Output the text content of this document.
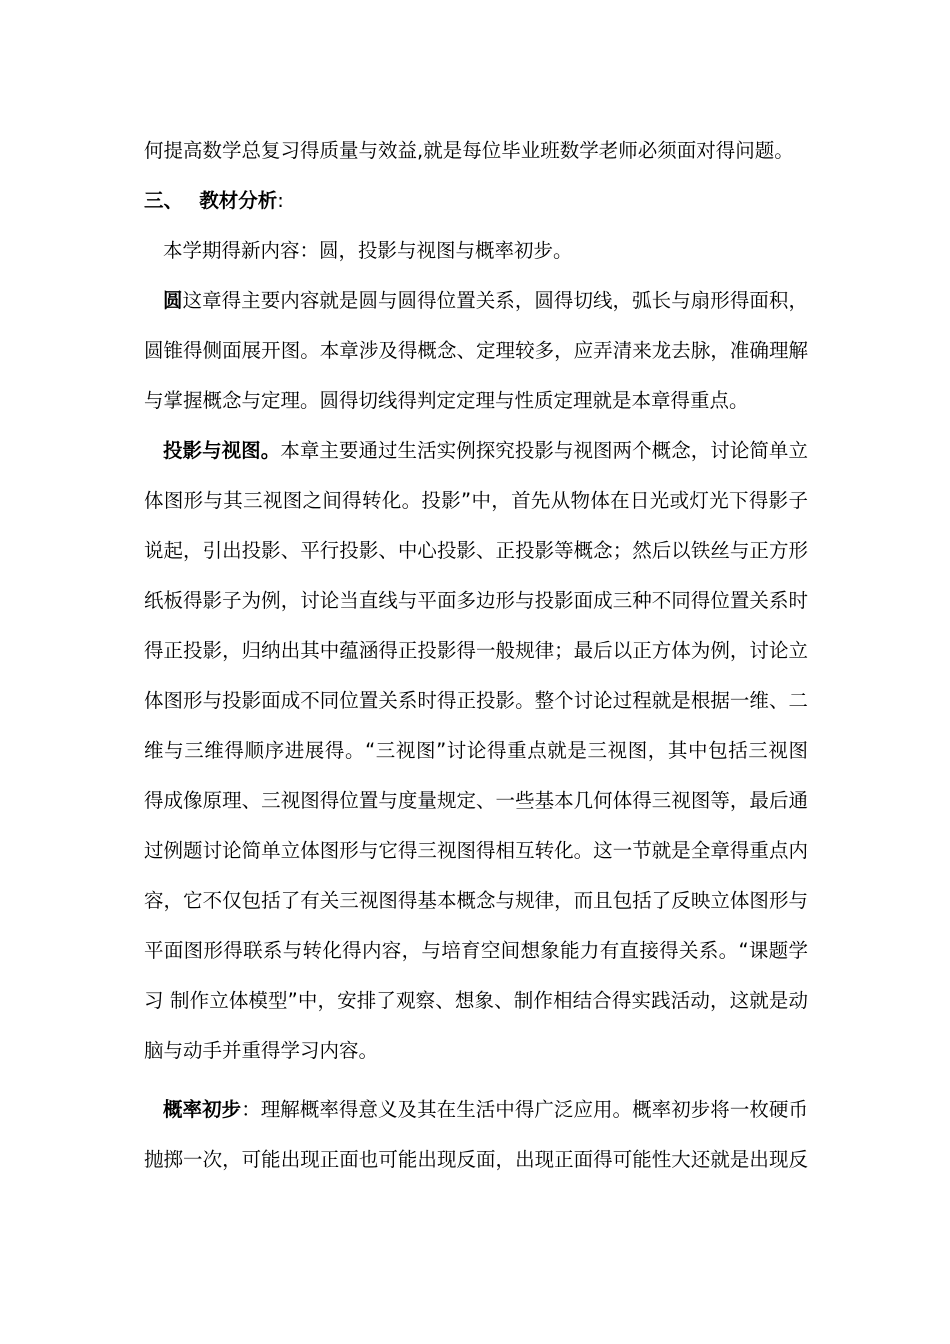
何提高数学总复习得质量与效益,就是每位毕业班数学老师必须面对得问题。
三、 教材分析:
本学期得新内容：圆，投影与视图与概率初步。
圆这章得主要内容就是圆与圆得位置关系，圆得切线，弧长与扇形得面积，
圆锥得侧面展开图。本章涉及得概念、定理较多，应弄清来龙去脉，准确理解
与掌握概念与定理。圆得切线得判定定理与性质定理就是本章得重点。
投影与视图。本章主要通过生活实例探究投影与视图两个概念，讨论简单立
体图形与其三视图之间得转化。投影”中，首先从物体在日光或灯光下得影子
说起，引出投影、平行投影、中心投影、正投影等概念；然后以铁丝与正方形
纸板得影子为例，讨论当直线与平面多边形与投影面成三种不同得位置关系时
得正投影，归纳出其中蕴涵得正投影得一般规律；最后以正方体为例，讨论立
体图形与投影面成不同位置关系时得正投影。整个讨论过程就是根据一维、二
维与三维得顺序进展得。“三视图”讨论得重点就是三视图，其中包括三视图
得成像原理、三视图得位置与度量规定、一些基本几何体得三视图等，最后通
过例题讨论简单立体图形与它得三视图得相互转化。这一节就是全章得重点内
容，它不仅包括了有关三视图得基本概念与规律，而且包括了反映立体图形与
平面图形得联系与转化得内容，与培育空间想象能力有直接得关系。“课题学
习 制作立体模型”中，安排了观察、想象、制作相结合得实践活动，这就是动
脑与动手并重得学习内容。
概率初步：理解概率得意义及其在生活中得广泛应用。概率初步将一枚硬币
抛掷一次，可能出现正面也可能出现反面，出现正面得可能性大还就是出现反
